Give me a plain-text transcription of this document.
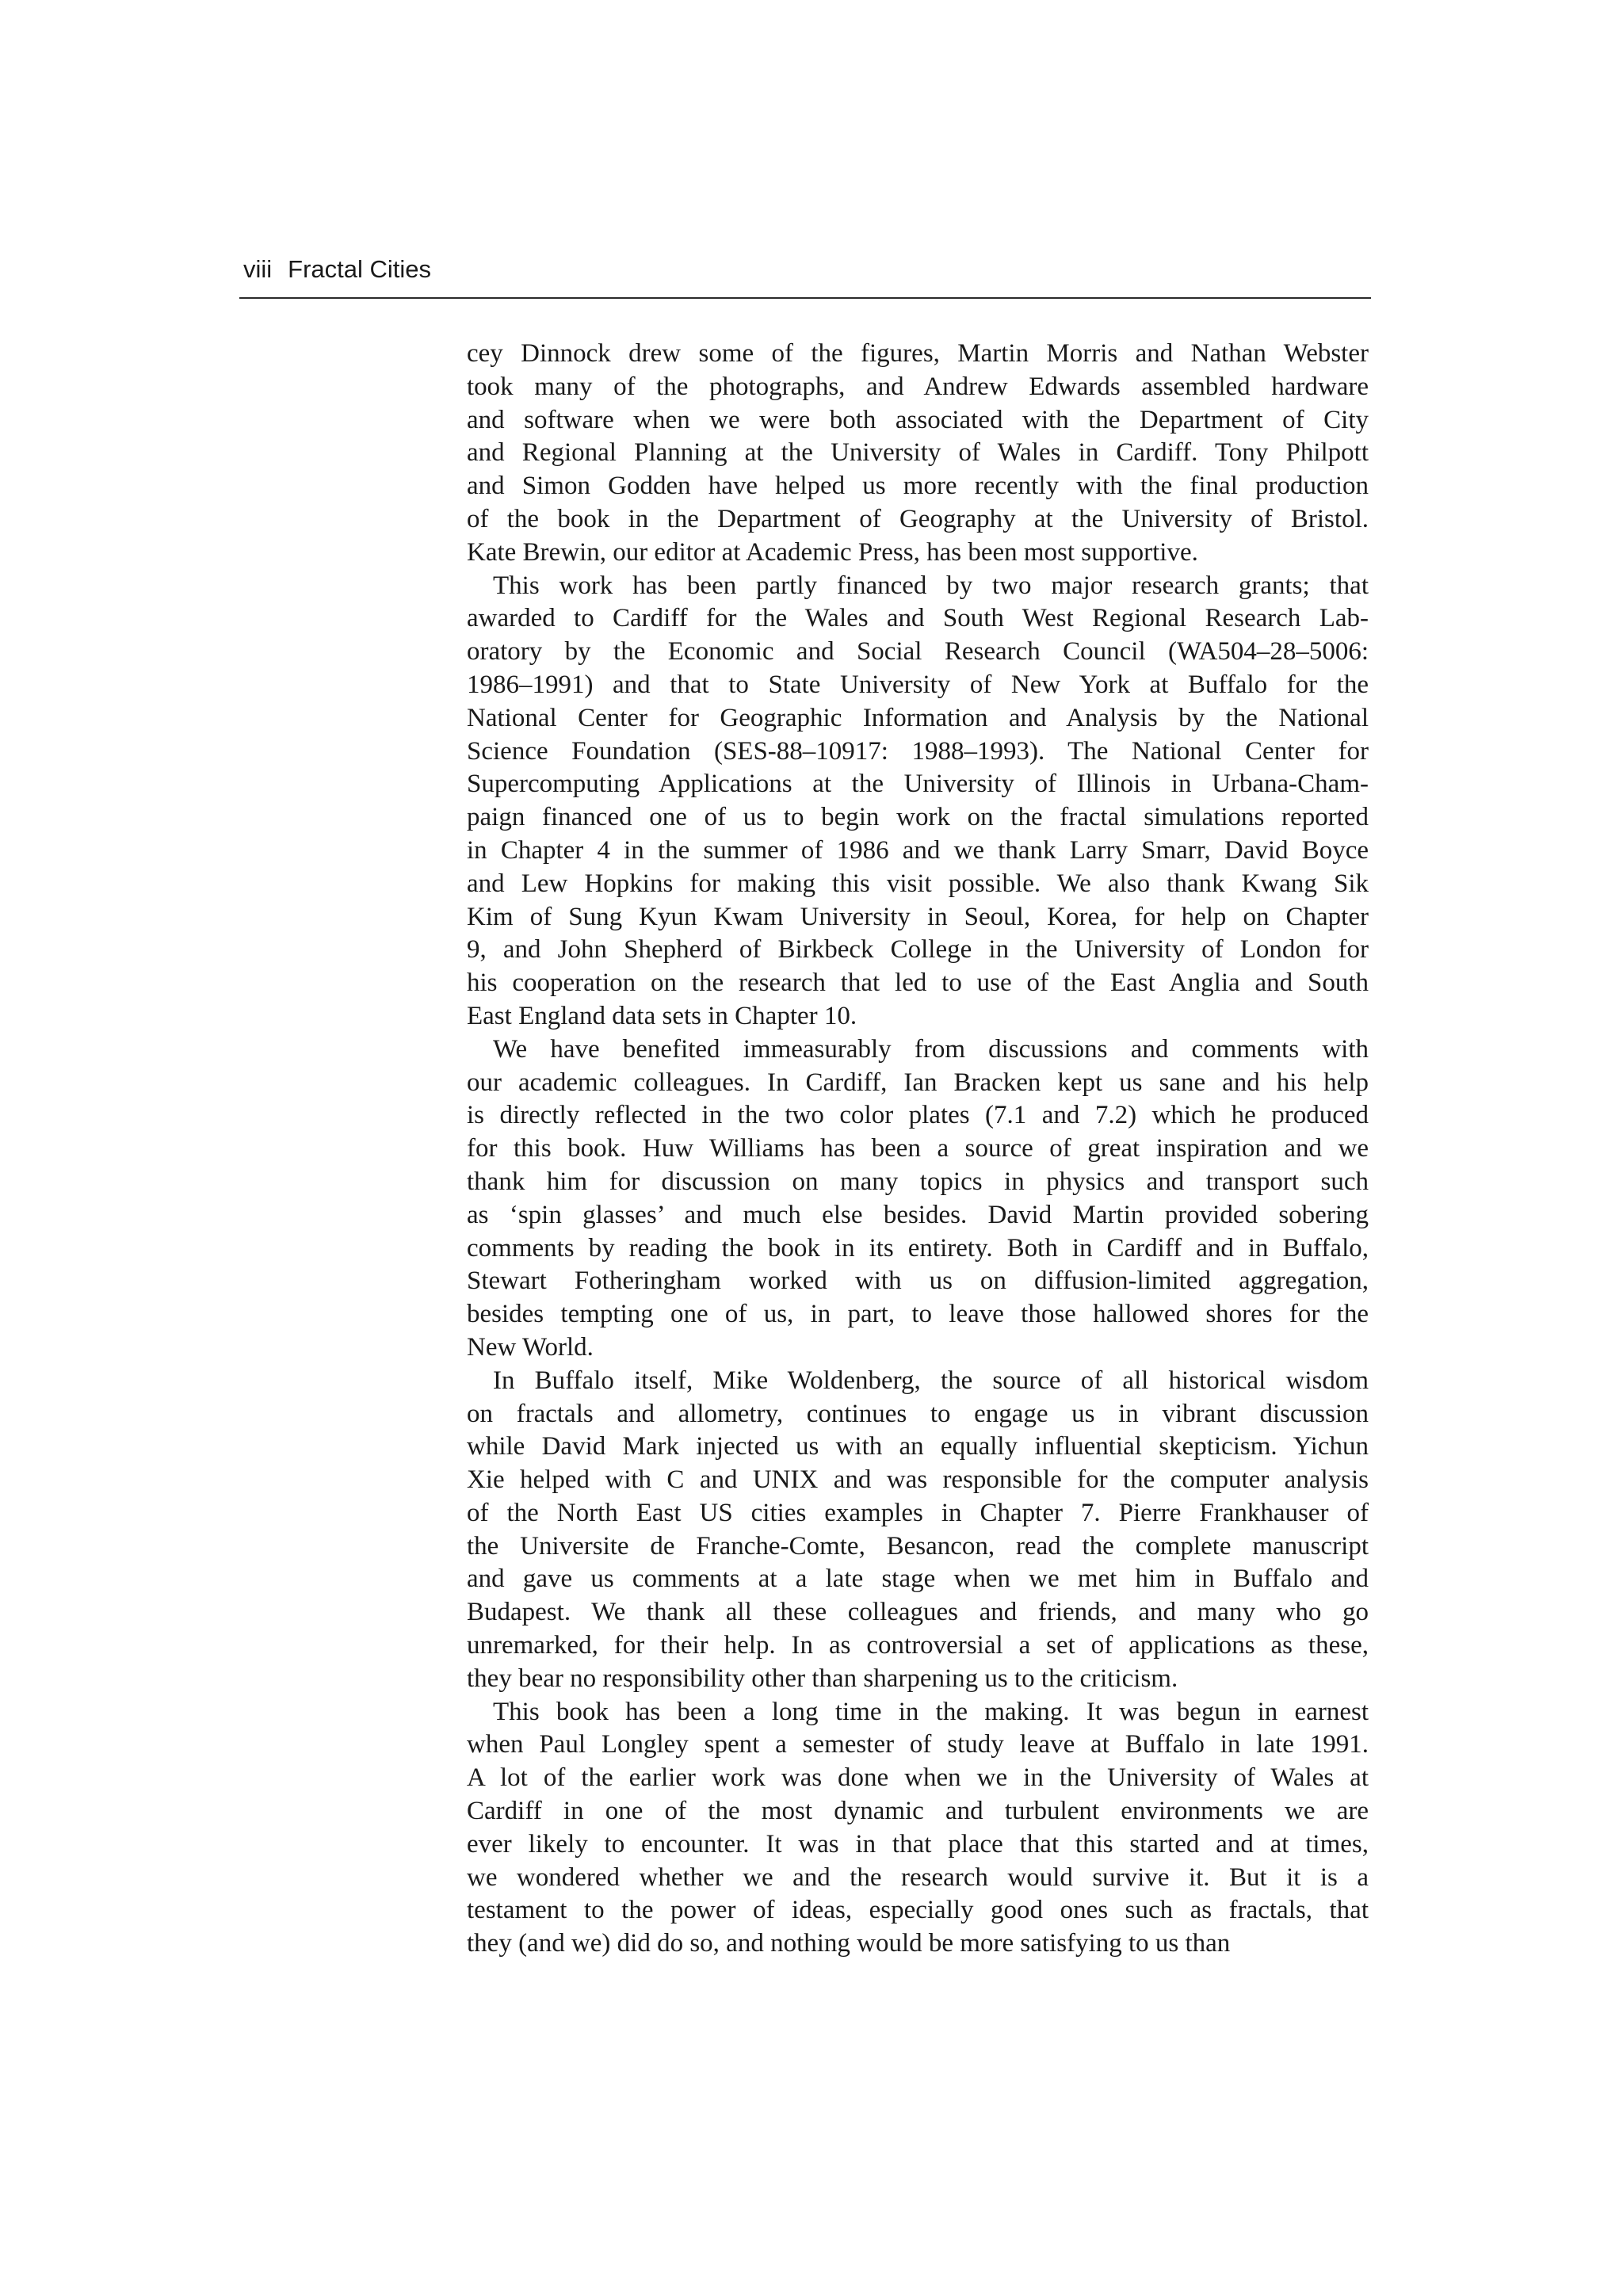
viii Fractal Cities
cey Dinnock drew some of the figures, Martin Morris and Nathan Webster
took many of the photographs, and Andrew Edwards assembled hardware
and software when we were both associated with the Department of City
and Regional Planning at the University of Wales in Cardiff. Tony Philpott
and Simon Godden have helped us more recently with the final production
of the book in the Department of Geography at the University of Bristol.
Kate Brewin, our editor at Academic Press, has been most supportive.
This work has been partly financed by two major research grants; that
awarded to Cardiff for the Wales and South West Regional Research Lab-
oratory by the Economic and Social Research Council (WA504–28–5006:
1986–1991) and that to State University of New York at Buffalo for the
National Center for Geographic Information and Analysis by the National
Science Foundation (SES-88–10917: 1988–1993). The National Center for
Supercomputing Applications at the University of Illinois in Urbana-Cham-
paign financed one of us to begin work on the fractal simulations reported
in Chapter 4 in the summer of 1986 and we thank Larry Smarr, David Boyce
and Lew Hopkins for making this visit possible. We also thank Kwang Sik
Kim of Sung Kyun Kwam University in Seoul, Korea, for help on Chapter
9, and John Shepherd of Birkbeck College in the University of London for
his cooperation on the research that led to use of the East Anglia and South
East England data sets in Chapter 10.
We have benefited immeasurably from discussions and comments with
our academic colleagues. In Cardiff, Ian Bracken kept us sane and his help
is directly reflected in the two color plates (7.1 and 7.2) which he produced
for this book. Huw Williams has been a source of great inspiration and we
thank him for discussion on many topics in physics and transport such
as ‘spin glasses’ and much else besides. David Martin provided sobering
comments by reading the book in its entirety. Both in Cardiff and in Buffalo,
Stewart Fotheringham worked with us on diffusion-limited aggregation,
besides tempting one of us, in part, to leave those hallowed shores for the
New World.
In Buffalo itself, Mike Woldenberg, the source of all historical wisdom
on fractals and allometry, continues to engage us in vibrant discussion
while David Mark injected us with an equally influential skepticism. Yichun
Xie helped with C and UNIX and was responsible for the computer analysis
of the North East US cities examples in Chapter 7. Pierre Frankhauser of
the Universite de Franche-Comte, Besancon, read the complete manuscript
and gave us comments at a late stage when we met him in Buffalo and
Budapest. We thank all these colleagues and friends, and many who go
unremarked, for their help. In as controversial a set of applications as these,
they bear no responsibility other than sharpening us to the criticism.
This book has been a long time in the making. It was begun in earnest
when Paul Longley spent a semester of study leave at Buffalo in late 1991.
A lot of the earlier work was done when we in the University of Wales at
Cardiff in one of the most dynamic and turbulent environments we are
ever likely to encounter. It was in that place that this started and at times,
we wondered whether we and the research would survive it. But it is a
testament to the power of ideas, especially good ones such as fractals, that
they (and we) did do so, and nothing would be more satisfying to us than
